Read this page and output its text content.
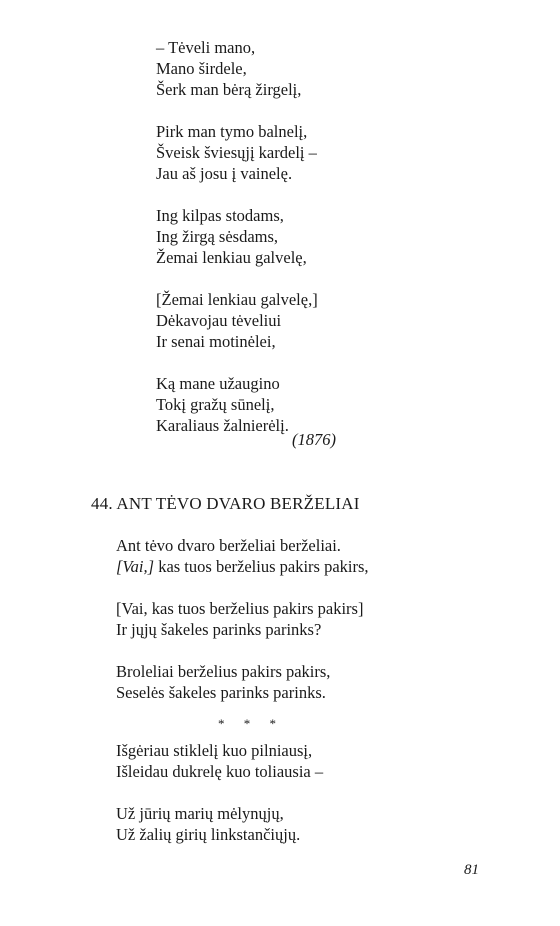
– Tėveli mano,
Mano širdele,
Šerk man bėrą žirgelį,
Pirk man tymo balnelį,
Šveisk šviesųjį kardelį –
Jau aš josu į vainelę.
Ing kilpas stodams,
Ing žirgą sėsdams,
Žemai lenkiau galvelę,
[Žemai lenkiau galvelę,]
Dėkavojau tėveliui
Ir senai motinėlei,
Ką mane užaugino
Tokį gražų sūnelį,
Karaliaus žalnierėlį.
(1876)
44. ANT TĖVO DVARO BERŽELIAI
Ant tėvo dvaro berželiai berželiai.
[Vai,] kas tuos berželius pakirs pakirs,
[Vai, kas tuos berželius pakirs pakirs]
Ir jųjų šakeles parinks parinks?
Broleliai berželius pakirs pakirs,
Seselės šakeles parinks parinks.
* * *
Išgėriau stiklelį kuo pilniausį,
Išleidau dukrelę kuo toliausia –
Už jūrių marių mėlynųjų,
Už žalių girių linkstančiųjų.
81
